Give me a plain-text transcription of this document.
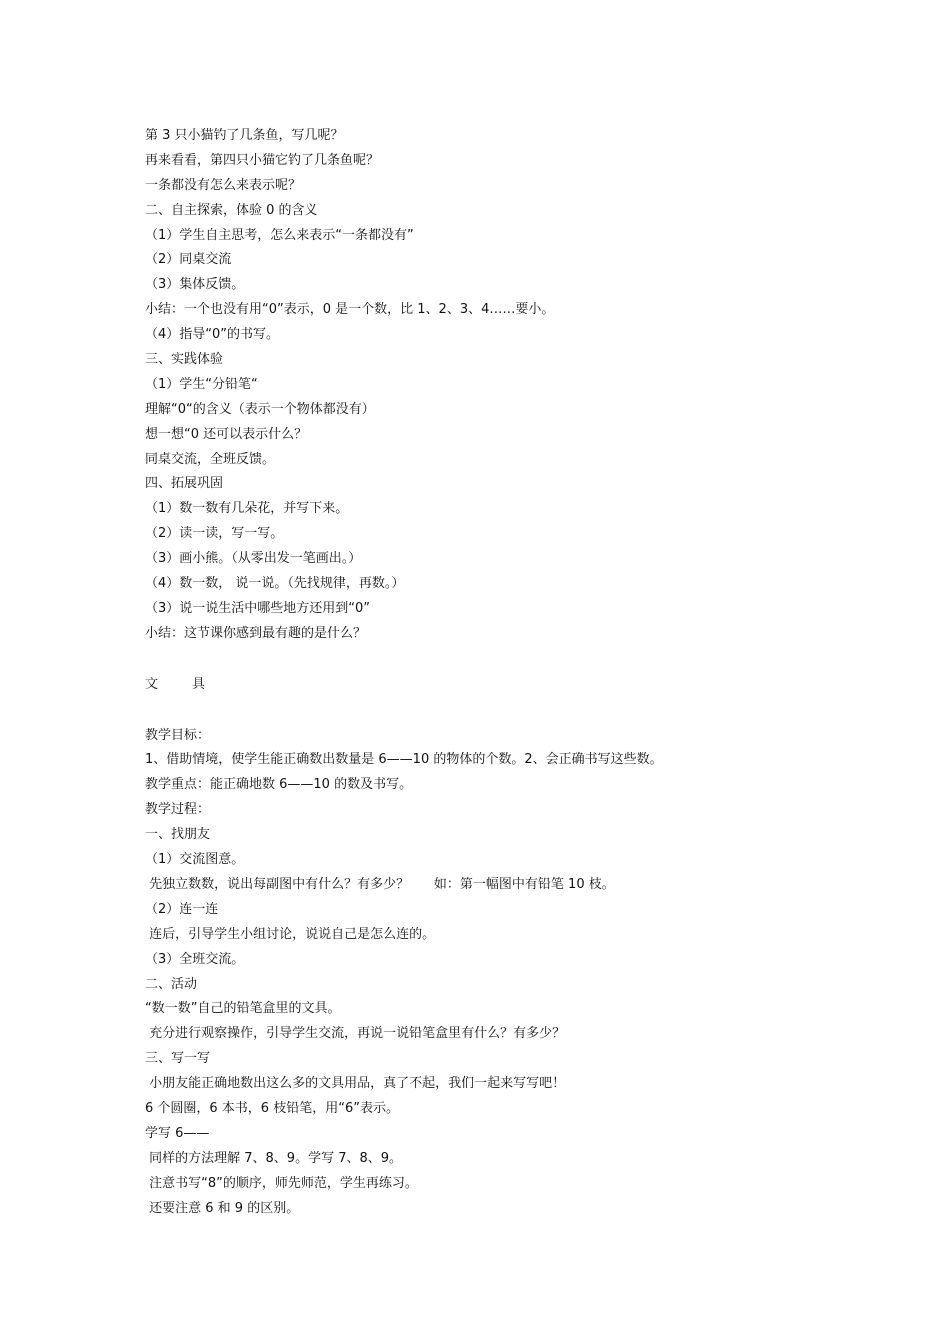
第 3 只小猫钓了几条鱼，写几呢？
再来看看，第四只小猫它钓了几条鱼呢？
一条都没有怎么来表示呢？
二、自主探索，体验 0 的含义
（1）学生自主思考，怎么来表示“一条都没有”
（2）同桌交流
（3）集体反馈。
小结：一个也没有用“0”表示，0 是一个数，比 1、2、3、4……要小。
（4）指导“0”的书写。
三、实践体验
（1）学生“分铅笔“
理解“0“的含义（表示一个物体都没有）
想一想“0 还可以表示什么？
同桌交流，全班反馈。
四、拓展巩固
（1）数一数有几朵花，并写下来。
（2）读一读，写一写。
（3）画小熊。（从零出发一笔画出。）
（4）数一数， 说一说。（先找规律，再数。）
（3）说一说生活中哪些地方还用到“0”
小结：这节课你感到最有趣的是什么？
文	具
教学目标：
1、借助情境，使学生能正确数出数量是 6——10 的物体的个数。2、会正确书写这些数。
教学重点：能正确地数 6——10 的数及书写。
教学过程：
一、找朋友
（1）交流图意。
先独立数数，说出每副图中有什么？有多少？      如：第一幅图中有铅笔 10 枝。
（2）连一连
连后，引导学生小组讨论，说说自己是怎么连的。
（3）全班交流。
二、活动
“数一数”自己的铅笔盒里的文具。
充分进行观察操作，引导学生交流，再说一说铅笔盒里有什么？有多少？
三、写一写
小朋友能正确地数出这么多的文具用品，真了不起，我们一起来写写吧！
6 个圆圈，6 本书，6 枝铅笔，用“6”表示。
学写 6——
同样的方法理解 7、8、9。学写 7、8、9。
注意书写“8”的顺序，师先师范，学生再练习。
还要注意 6 和 9 的区别。
